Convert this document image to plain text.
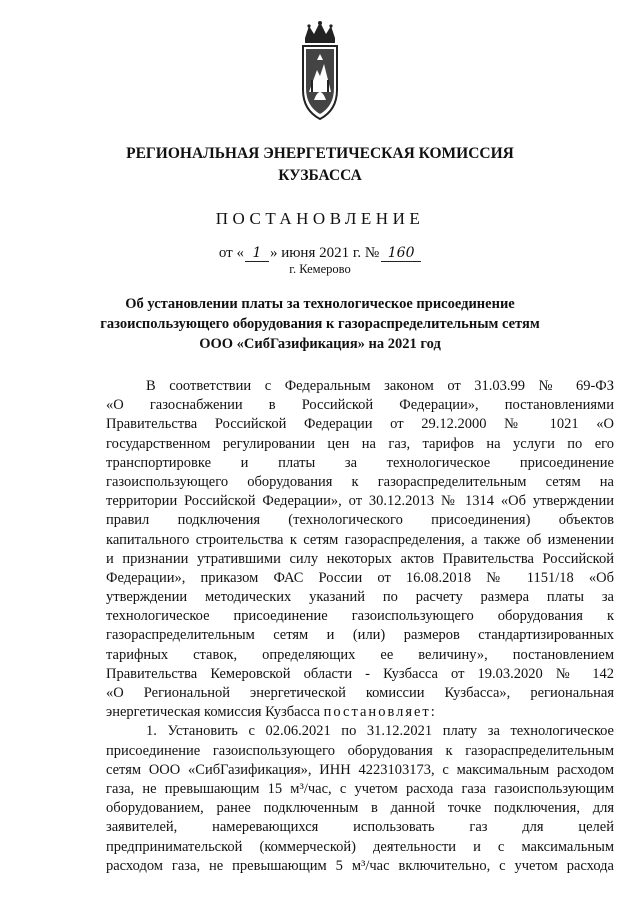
РЕГИОНАЛЬНАЯ ЭНЕРГЕТИЧЕСКАЯ КОМИССИЯ
КУЗБАССА
ПОСТАНОВЛЕНИЕ
от « 1 » июня 2021 г. № 160
г. Кемерово
Об установлении платы за технологическое присоединение
газоиспользующего оборудования к газораспределительным сетям
ООО «СибГазификация» на 2021 год
В соответствии с Федеральным законом от 31.03.99 № 69-ФЗ
«О газоснабжении в Российской Федерации», постановлениями
Правительства Российской Федерации от 29.12.2000 № 1021 «О
государственном регулировании цен на газ, тарифов на услуги по его
транспортировке и платы за технологическое присоединение
газоиспользующего оборудования к газораспределительным сетям на
территории Российской Федерации», от 30.12.2013 № 1314 «Об утверждении
правил подключения (технологического присоединения) объектов
капитального строительства к сетям газораспределения, а также об изменении
и признании утратившими силу некоторых актов Правительства Российской
Федерации», приказом ФАС России от 16.08.2018 № 1151/18 «Об
утверждении методических указаний по расчету размера платы за
технологическое присоединение газоиспользующего оборудования к
газораспределительным сетям и (или) размеров стандартизированных
тарифных ставок, определяющих ее величину», постановлением
Правительства Кемеровской области - Кузбасса от 19.03.2020 № 142
«О Региональной энергетической комиссии Кузбасса», региональная
энергетическая комиссия Кузбасса постановляет:
1. Установить с 02.06.2021 по 31.12.2021 плату за технологическое
присоединение газоиспользующего оборудования к газораспределительным
сетям ООО «СибГазификация», ИНН 4223103173, с максимальным расходом
газа, не превышающим 15 м³/час, с учетом расхода газа газоиспользующим
оборудованием, ранее подключенным в данной точке подключения, для
заявителей, намеревающихся использовать газ для целей
предпринимательской (коммерческой) деятельности и с максимальным
расходом газа, не превышающим 5 м³/час включительно, с учетом расхода
